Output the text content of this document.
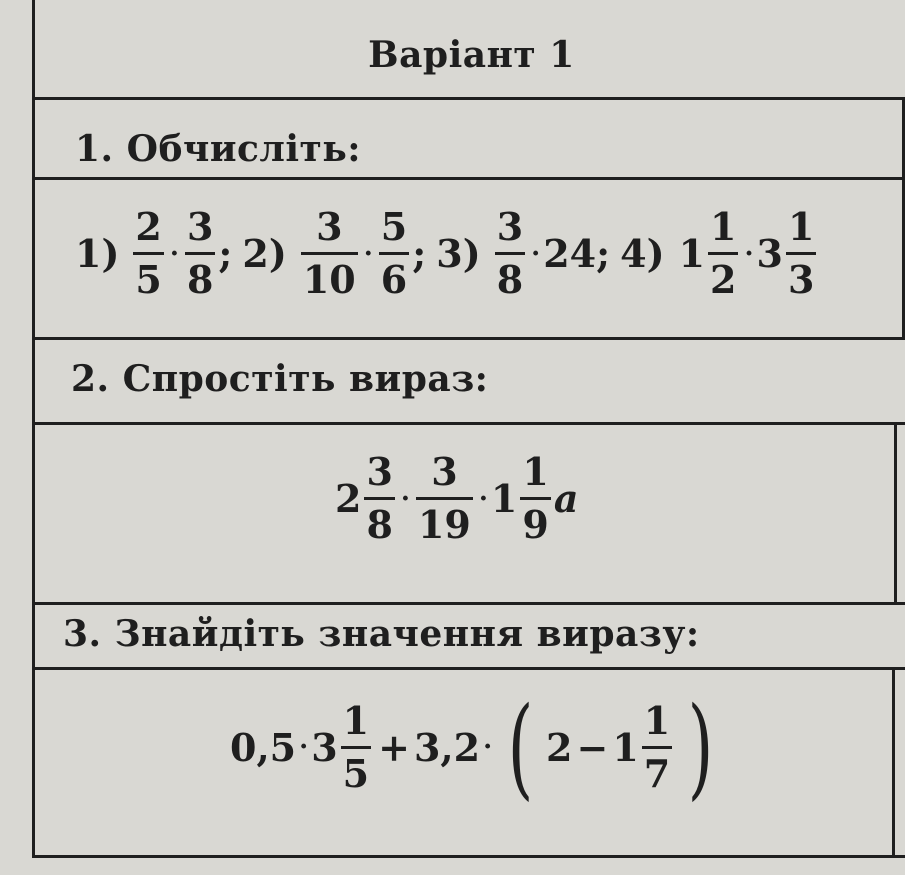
Варіант 1
1. Обчисліть:
$1) \frac{2}{5} \cdot \frac{3}{8}$ ; $2) \frac{3}{10} \cdot \frac{5}{6}$ ; $3) \frac{3}{8} \cdot 24$ ; 4) $1 \frac{1}{2} \cdot 3 \frac{1}{3}$
2. Спростіть вираз:
$2 \frac{3}{8} \cdot \frac{3}{19} \cdot 1 \frac{1}{9}$ a
3. Знайдіть значення виразу:
$0,5 \cdot 3 \frac{1}{5} + 3,2$ · ( $2 - 1 \frac{1}{7}$ )
